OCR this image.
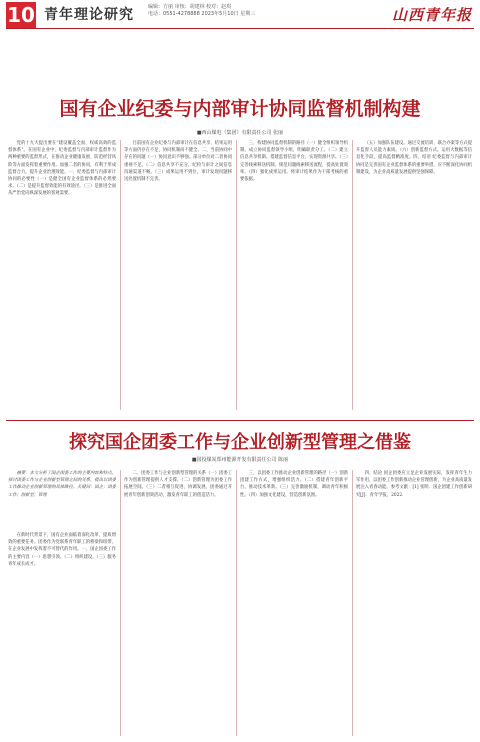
10 青年理论研究	编辑：方丽 审核：胡建林 校对：赵琪
电话：0551-4278888 2023年5月10日 星期三	山西青年报
国有企业纪委与内部审计协同监督机制构建
■西山煤电（集团）有限责任公司 张丽

党的十九大提出要在“建设覆盖全面、权威高效的监督体系”。在国有企业中，纪委监督与内部审计监督作为两种重要的监督形式，在推动企业健康发展、防范经营风险等方面发挥着重要作用。加强二者的协同，有利于形成监督合力，提升企业治理效能。一、纪委监督与内部审计协同的必要性（一）是健全国有企业监督体系的必然要求。（二）是提升监督效能的有效途径。（三）是推进全面从严治党向纵深发展的客观需要。

目前国有企业纪委与内部审计在信息共享、结果运用等方面仍存在不足，协同机制尚不健全。二、当前协同中存在的问题（一）协同意识不够强。部分单位对二者协同重视不足。（二）信息共享不充分。纪检与审计之间信息沟通渠道不畅。（三）成果运用不到位。审计发现问题移送处置机制不完善。

三、构建协同监督机制的路径（一）健全组织领导机制。成立协同监督领导小组，明确职责分工。（二）建立信息共享机制。搭建监督信息平台，实现资源共享。（三）完善线索移送机制。规范问题线索移送流程，提高处置效率。（四）强化成果运用。将审计结果作为干部考核的重要依据。

（五）加强队伍建设。通过交流培训、联合办案等方式提升监督人员能力素质。（六）创新监督方式。运用大数据等信息化手段，提高监督精准度。四、结语 纪委监督与内部审计协同是完善国有企业监督体系的重要举措，应不断深化协同机制建设，为企业高质量发展提供坚强保障。

探究国企团委工作与企业创新型管理之借鉴
■国投煤炭郑州能源开发有限责任公司 陈丽

摘要：本文分析了国企团委工作的主要内容和特点，探讨团委工作与企业创新型管理之间的关系，提出以团委工作推动企业创新管理的具体路径。关键词：国企；团委工作；创新型；管理

在新时代背景下，国有企业面临着深化改革、提质增效的重要任务。团委作为党联系青年职工的桥梁和纽带，在企业发展中发挥着不可替代的作用。一、国企团委工作的主要内容（一）思想引领。（二）组织建设。（三）服务青年成长成才。

二、团委工作与企业创新型管理的关系（一）团委工作为创新管理提供人才支撑。（二）创新管理为团委工作拓展空间。（三）二者相互促进、协调发展。团委通过开展青年创新创效活动，激发青年职工的创造活力。

三、以团委工作推动企业创新管理的路径（一）创新团建工作方式，增强组织活力。（二）搭建青年创新平台，推动技术革新。（三）完善激励机制，调动青年积极性。（四）加强文化建设，营造创新氛围。

四、结论 国企团委应立足企业发展实际，发挥青年生力军作用，以团委工作创新推动企业管理创新，为企业高质量发展注入青春动能。参考文献：[1] 张明．国企团建工作创新研究[J]．青年学报，2022．
